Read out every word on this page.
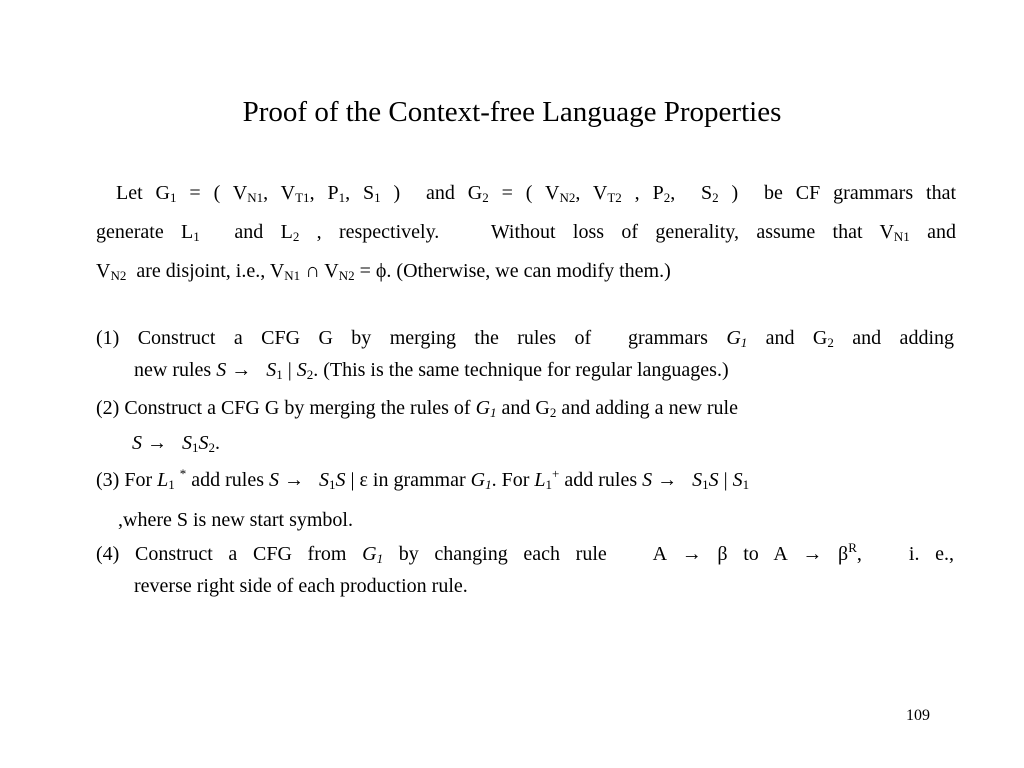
Proof of the Context-free Language Properties
Let $G_1$ = ( $V_{N1}$, $V_{T1}$, $P_1$, $S_1$ )  and $G_2$ = ( $V_{N2}$, $V_{T2}$ , $P_2$,  $S_2$ )  be CF grammars that
generate $L_1$  and $L_2$ , respectively.   Without loss of generality, assume that $V_{N1}$ and
$V_{N2}$  are disjoint, i.e., $V_{N1}$ ∩ $V_{N2} = \phi$. (Otherwise, we can modify them.)
(1) Construct a CFG G by merging the rules of  grammars $G_1$ and $G_2$ and adding
new rules $S \to S_1$ | $S_2$. (This is the same technique for regular languages.)
(2) Construct a CFG G by merging the rules of $G_1$ and $G_2$ and adding a new rule
$S \to S_1S_2$.
(3) For $L_1$ * add rules $S \to S_1S$ | ε in grammar $G_1$. For $L_1^+$ add rules $S \to S_1S$ | $S_1$
,where S is new start symbol.
(4) Construct a CFG from $G_1$ by changing each rule   A → β to $A \to \beta^R$,   i. e.,
reverse right side of each production rule.
109
